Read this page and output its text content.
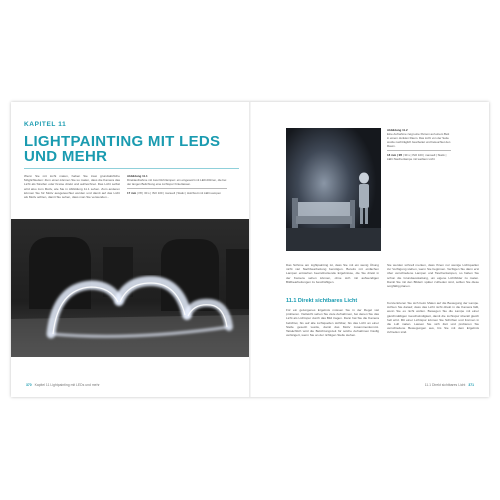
KAPITEL 11
LIGHTPAINTING MIT LEDS UND MEHR
Wenn Sie mit Licht malen, haben Sie zwei grundsätzliche Möglichkeiten: Zum einen können Sie so malen, dass die Kamera das Licht als Streifen oder Kreise direkt und aufzeichnet. Das Licht selbst wird also zum Motiv, wie Sie in Abbildung 11.1 sehen. Zum anderen können Sie für Motiv ausgeleuchtet werden und damit auf das Licht als Motiv achten, damit Sie sehen, dass man Sie verwenden...
Abbildung 11.1
Direktaufnahme mit zwei Rohrlampen: ein eingesetzt mit LED-Röhren, die bei der langen Belichtung eine Lichtspur hinterlassen.
17 mm | f/8 | 30 s | ISO 100 | manuell | Stativ | Holzbrett mit LED-Lampen
370 Kapitel 11 Lightpainting mit LEDs und mehr
Abbildung 11.2
Eine Aufnahme zeigt eine Person auf einem Bett in einem dunklen Raum. Das Licht von der Seite wurde nachträglich bearbeitet und beleuchtet den Raum.
18 mm | f/8 | 30 s | ISO 100 | manuell | Stativ | LED-Taschenlampe mit weißem Licht
Das Schöne am Lightpainting ist, dass Sie mit ein wenig Übung nicht viel Nachbearbeitung benötigen. Bereits mit einfachen Lampen entstehen beeindruckende Ergebnisse, die Sie direkt in der Kamera sehen können, ohne sich mit aufwendigen Bildbearbeitungen zu beschäftigen.
11.1 Direkt sichtbares Licht
Für ein gelungenes Ergebnis müssen Sie in der Regel viel probieren. Vielleicht sehen Sie viele Aufnahmen, bei denen Sie das Licht als Lichtspur durch das Bild tragen. Dann hat Sie die Kamera belichtet, bis auf alle Lichtquellen sichtbar, bis das Licht an einer Stelle gesetzt wurde, damit das Motiv zusammenkommt. Tatsächlich wird die Belichtungszeit für solche Aufnahmen häufig verlängert, wenn Sie an der richtigen Stelle stehen.
Sie werden schnell merken, dass Ihnen nur wenige Lichtquellen zur Verfügung stehen, wenn Sie beginnen. Verfügen Sie dann erst über verschiedene Lampen und Taschenlampen, so haben Sie schon die Grundausstattung, um eigene Lichtbilder zu malen. Damit Sie mit den Bildern später zufrieden sind, sollten Sie diese sorgfältig planen.
Konzentrieren Sie sich beim Malen auf die Bewegung der Lampe. Achten Sie darauf, dass das Licht nicht direkt in die Kamera fällt, wenn Sie es nicht wollen. Bewegen Sie die Lampe mit einer gleichmäßigen Geschwindigkeit, damit die Lichtspur überall gleich hell wird. Mit einer Lichtspur können Sie Schriften und Formen in die Luft malen. Lassen Sie sich Zeit und probieren Sie verschiedene Bewegungen aus, bis Sie mit dem Ergebnis zufrieden sind.
11.1 Direkt sichtbares Licht 371
